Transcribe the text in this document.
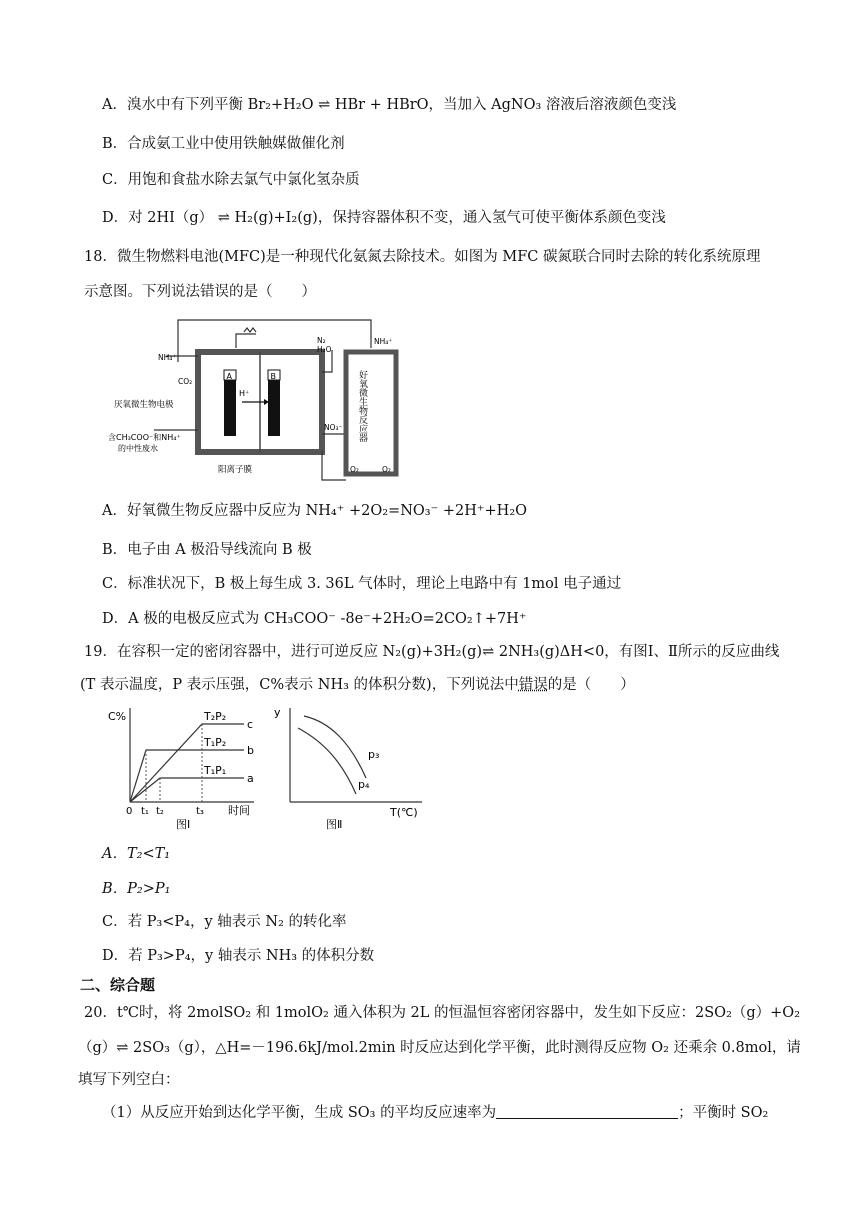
A．溴水中有下列平衡 Br₂+H₂O ⇌ HBr + HBrO，当加入 AgNO₃ 溶液后溶液颜色变浅
B．合成氨工业中使用铁触媒做催化剂
C．用饱和食盐水除去氯气中氯化氢杂质
D．对 2HI（g） ⇌ H₂(g)+I₂(g)，保持容器体积不变，通入氢气可使平衡体系颜色变浅
18．微生物燃料电池(MFC)是一种现代化氨氮去除技术。如图为 MFC 碳氮联合同时去除的转化系统原理
示意图。下列说法错误的是（　　）
A	B
H⁺
NH₄⁺
CO₂
N₂
H₂O
NH₄⁺
厌氧微生物电极
含CH₃COO⁻和NH₄⁺
的中性废水
NO₃⁻
阳离子膜
好氧微生物反应器
O₂	O₂
A．好氧微生物反应器中反应为 NH₄⁺ +2O₂=NO₃⁻ +2H⁺+H₂O
B．电子由 A 极沿导线流向 B 极
C．标准状况下，B 极上每生成 3. 36L 气体时，理论上电路中有 1mol 电子通过
D．A 极的电极反应式为 CH₃COO⁻ -8e⁻+2H₂O=2CO₂↑+7H⁺
19．在容积一定的密闭容器中，进行可逆反应 N₂(g)+3H₂(g)⇌ 2NH₃(g)ΔH<0，有图Ⅰ、Ⅱ所示的反应曲线
(T 表示温度，P 表示压强，C%表示 NH₃ 的体积分数)，下列说法中错误的是（　　）
C%	T₂P₂
T₁P₂
T₁P₁
c
b
a
0 t₁ t₂	t₃ 时间
图Ⅰ
y
p₃
p₄
T(℃)
图Ⅱ
A．T₂<T₁
B．P₂>P₁
C．若 P₃<P₄，y 轴表示 N₂ 的转化率
D．若 P₃>P₄，y 轴表示 NH₃ 的体积分数
二、综合题
20．t℃时，将 2molSO₂ 和 1molO₂ 通入体积为 2L 的恒温恒容密闭容器中，发生如下反应：2SO₂（g）+O₂
（g）⇌ 2SO₃（g），△H=－196.6kJ/mol.2min 时反应达到化学平衡，此时测得反应物 O₂ 还乘余 0.8mol，请
填写下列空白：
（1）从反应开始到达化学平衡，生成 SO₃ 的平均反应速率为	；平衡时 SO₂
